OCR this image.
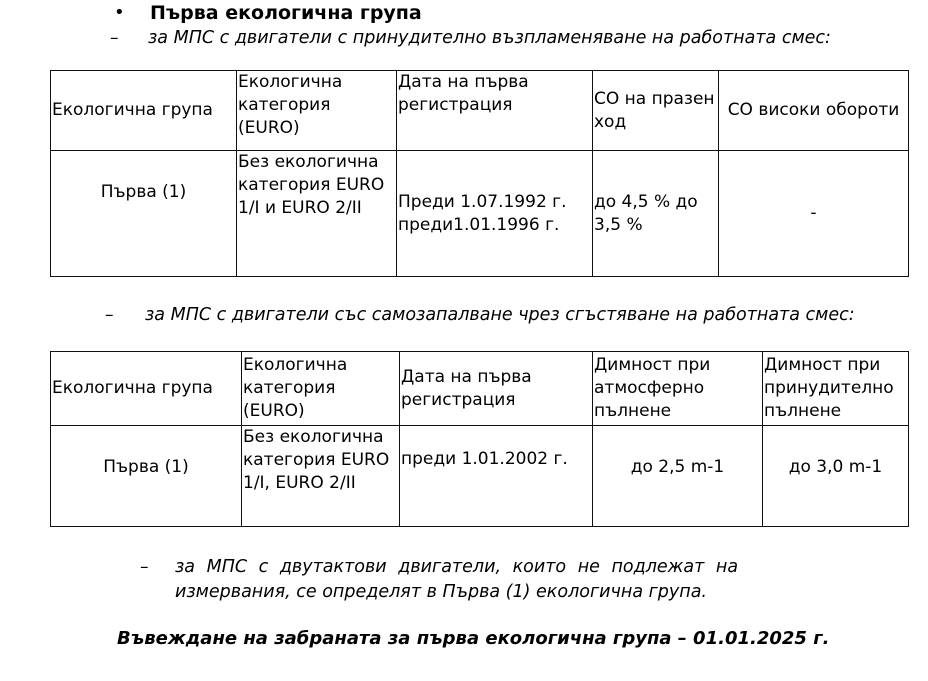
• Първа екологична група
– за МПС с двигатели с принудително възпламеняване на работната смес:
Екологична група	Екологична категория (EURO)	Дата на първа регистрация	CO на празен ход	CO високи обороти
Първа (1)	Без екологична категория EURO 1/I и EURO 2/II	Преди 1.07.1992 г. преди1.01.1996 г.	до 4,5 % до 3,5 %	-
– за МПС с двигатели със самозапалване чрез сгъстяване на работната смес:
Екологична група	Екологична категория (EURO)	Дата на първа регистрация	Димност при атмосферно пълнене	Димност при принудително пълнене
Първа (1)	Без екологична категория EURO 1/I, EURO 2/II	преди 1.01.2002 г.	до 2,5 m-1	до 3,0 m-1
– за МПС с двутактови двигатели, които не подлежат на
измервания, се определят в Първа (1) екологична група.
Въвеждане на забраната за първа екологична група – 01.01.2025 г.
